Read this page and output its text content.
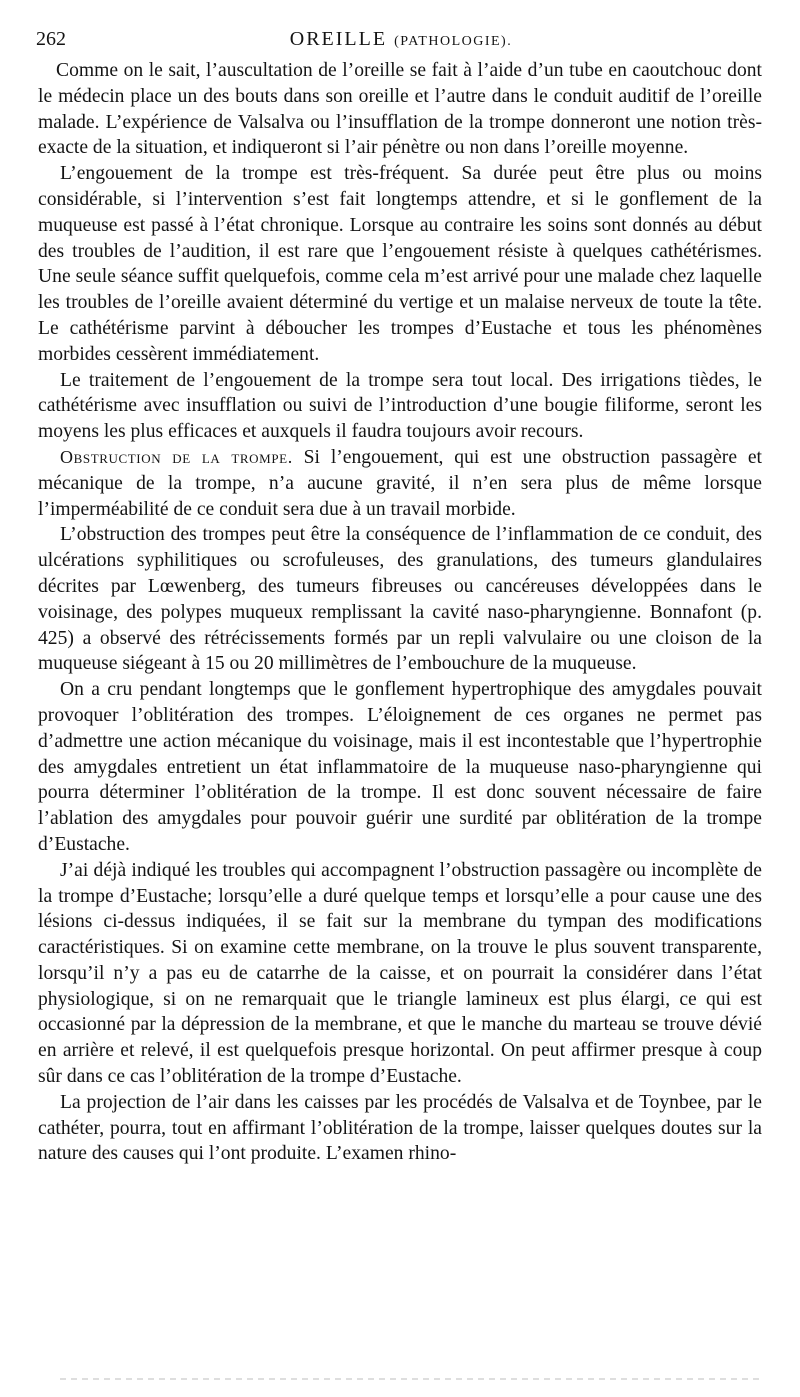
262	OREILLE (PATHOLOGIE).

Comme on le sait, l’auscultation de l’oreille se fait à l’aide d’un tube en caoutchouc dont le médecin place un des bouts dans son oreille et l’autre dans le conduit auditif de l’oreille malade. L’expérience de Valsalva ou l’insufflation de la trompe donneront une notion très-exacte de la situation, et indiqueront si l’air pénètre ou non dans l’oreille moyenne.

L’engouement de la trompe est très-fréquent. Sa durée peut être plus ou moins considérable, si l’intervention s’est fait longtemps attendre, et si le gonflement de la muqueuse est passé à l’état chronique. Lorsque au contraire les soins sont donnés au début des troubles de l’audition, il est rare que l’engouement résiste à quelques cathétérismes. Une seule séance suffit quelquefois, comme cela m’est arrivé pour une malade chez laquelle les troubles de l’oreille avaient déterminé du vertige et un malaise nerveux de toute la tête. Le cathétérisme parvint à déboucher les trompes d’Eustache et tous les phénomènes morbides cessèrent immédiatement.

Le traitement de l’engouement de la trompe sera tout local. Des irrigations tièdes, le cathétérisme avec insufflation ou suivi de l’introduction d’une bougie filiforme, seront les moyens les plus efficaces et auxquels il faudra toujours avoir recours.

Obstruction de la trompe. Si l’engouement, qui est une obstruction passagère et mécanique de la trompe, n’a aucune gravité, il n’en sera plus de même lorsque l’imperméabilité de ce conduit sera due à un travail morbide.

L’obstruction des trompes peut être la conséquence de l’inflammation de ce conduit, des ulcérations syphilitiques ou scrofuleuses, des granulations, des tumeurs glandulaires décrites par Lœwenberg, des tumeurs fibreuses ou cancéreuses développées dans le voisinage, des polypes muqueux remplissant la cavité naso-pharyngienne. Bonnafont (p. 425) a observé des rétrécissements formés par un repli valvulaire ou une cloison de la muqueuse siégeant à 15 ou 20 millimètres de l’embouchure de la muqueuse.

On a cru pendant longtemps que le gonflement hypertrophique des amygdales pouvait provoquer l’oblitération des trompes. L’éloignement de ces organes ne permet pas d’admettre une action mécanique du voisinage, mais il est incontestable que l’hypertrophie des amygdales entretient un état inflammatoire de la muqueuse naso-pharyngienne qui pourra déterminer l’oblitération de la trompe. Il est donc souvent nécessaire de faire l’ablation des amygdales pour pouvoir guérir une surdité par oblitération de la trompe d’Eustache.

J’ai déjà indiqué les troubles qui accompagnent l’obstruction passagère ou incomplète de la trompe d’Eustache; lorsqu’elle a duré quelque temps et lorsqu’elle a pour cause une des lésions ci-dessus indiquées, il se fait sur la membrane du tympan des modifications caractéristiques. Si on examine cette membrane, on la trouve le plus souvent transparente, lorsqu’il n’y a pas eu de catarrhe de la caisse, et on pourrait la considérer dans l’état physiologique, si on ne remarquait que le triangle lamineux est plus élargi, ce qui est occasionné par la dépression de la membrane, et que le manche du marteau se trouve dévié en arrière et relevé, il est quelquefois presque horizontal. On peut affirmer presque à coup sûr dans ce cas l’oblitération de la trompe d’Eustache.

La projection de l’air dans les caisses par les procédés de Valsalva et de Toynbee, par le cathéter, pourra, tout en affirmant l’oblitération de la trompe, laisser quelques doutes sur la nature des causes qui l’ont produite. L’examen rhino-
